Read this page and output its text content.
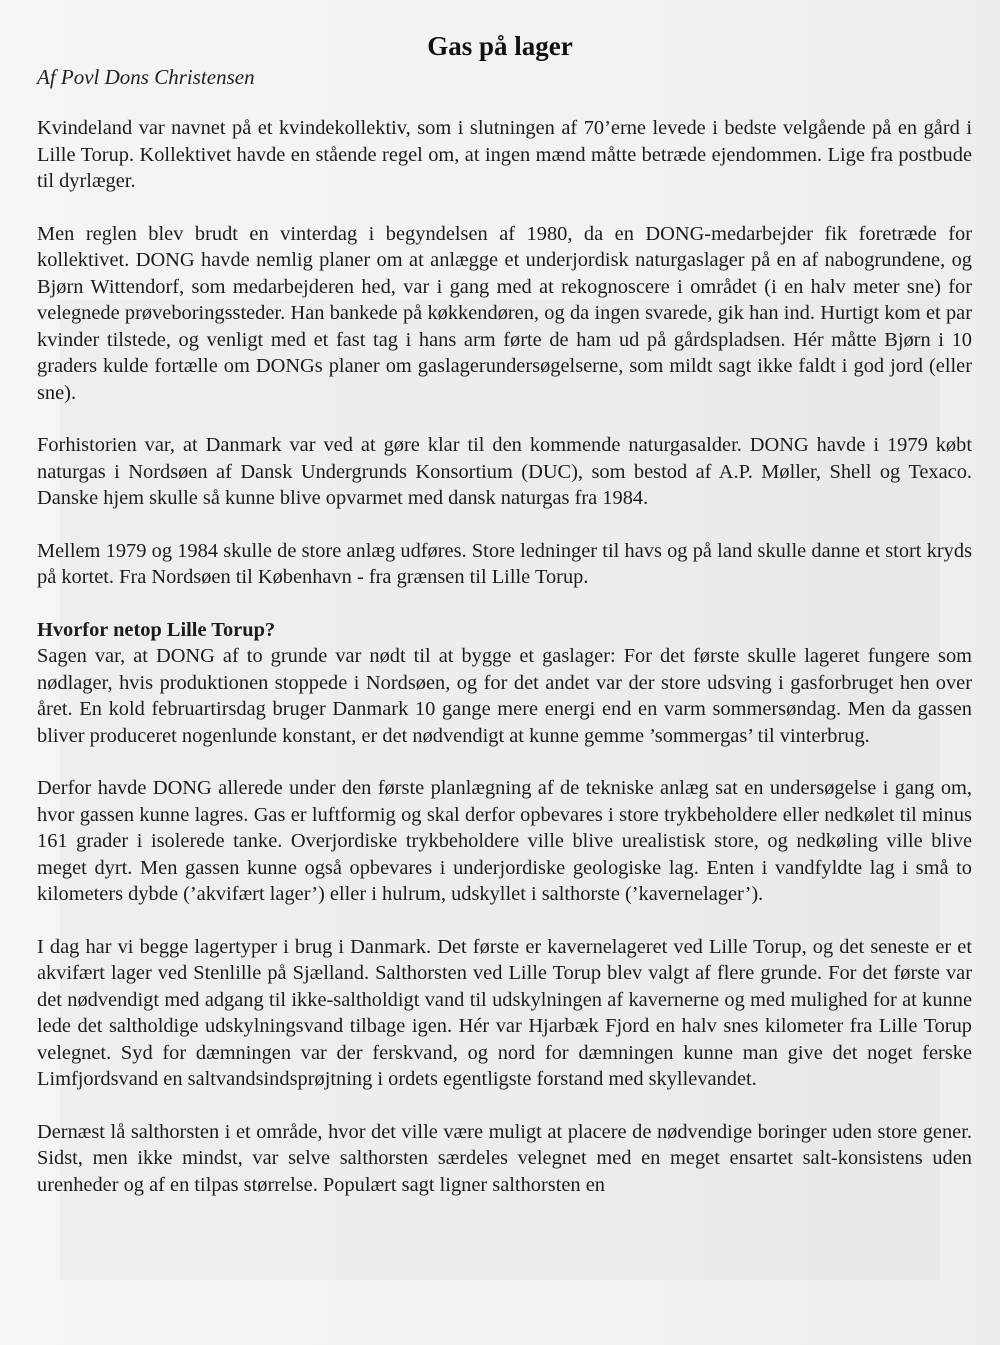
Gas på lager

Af Povl Dons Christensen

Kvindeland var navnet på et kvindekollektiv, som i slutningen af 70’erne levede i bedste velgående på en gård i Lille Torup. Kollektivet havde en stående regel om, at ingen mænd måtte betræde ejendommen. Lige fra postbude til dyrlæger.

Men reglen blev brudt en vinterdag i begyndelsen af 1980, da en DONG-medarbejder fik foretræde for kollektivet. DONG havde nemlig planer om at anlægge et underjordisk naturgaslager på en af nabogrundene, og Bjørn Wittendorf, som medarbejderen hed, var i gang med at rekognoscere i området (i en halv meter sne) for velegnede prøveboringssteder. Han bankede på køkkendøren, og da ingen svarede, gik han ind. Hurtigt kom et par kvinder tilstede, og venligt med et fast tag i hans arm førte de ham ud på gårdspladsen. Hér måtte Bjørn i 10 graders kulde fortælle om DONGs planer om gaslagerundersøgelserne, som mildt sagt ikke faldt i god jord (eller sne).

Forhistorien var, at Danmark var ved at gøre klar til den kommende naturgasalder. DONG havde i 1979 købt naturgas i Nordsøen af Dansk Undergrunds Konsortium (DUC), som bestod af A.P. Møller, Shell og Texaco. Danske hjem skulle så kunne blive opvarmet med dansk naturgas fra 1984.

Mellem 1979 og 1984 skulle de store anlæg udføres. Store ledninger til havs og på land skulle danne et stort kryds på kortet. Fra Nordsøen til København - fra grænsen til Lille Torup.

Hvorfor netop Lille Torup?

Sagen var, at DONG af to grunde var nødt til at bygge et gaslager: For det første skulle lageret fungere som nødlager, hvis produktionen stoppede i Nordsøen, og for det andet var der store udsving i gasforbruget hen over året. En kold februartirsdag bruger Danmark 10 gange mere energi end en varm sommersøndag. Men da gassen bliver produceret nogenlunde konstant, er det nødvendigt at kunne gemme ’sommergas’ til vinterbrug.

Derfor havde DONG allerede under den første planlægning af de tekniske anlæg sat en undersøgelse i gang om, hvor gassen kunne lagres. Gas er luftformig og skal derfor opbevares i store trykbeholdere eller nedkølet til minus 161 grader i isolerede tanke. Overjordiske trykbeholdere ville blive urealistisk store, og nedkøling ville blive meget dyrt. Men gassen kunne også opbevares i underjordiske geologiske lag. Enten i vandfyldte lag i små to kilometers dybde (’akvifært lager’) eller i hulrum, udskyllet i salthorste (’kavernelager’).

I dag har vi begge lagertyper i brug i Danmark. Det første er kavernelageret ved Lille Torup, og det seneste er et akvifært lager ved Stenlille på Sjælland. Salthorsten ved Lille Torup blev valgt af flere grunde. For det første var det nødvendigt med adgang til ikke-saltholdigt vand til udskylningen af kavernerne og med mulighed for at kunne lede det saltholdige udskylningsvand tilbage igen. Hér var Hjarbæk Fjord en halv snes kilometer fra Lille Torup velegnet. Syd for dæmningen var der ferskvand, og nord for dæmningen kunne man give det noget ferske Limfjordsvand en saltvandsindsprøjtning i ordets egentligste forstand med skyllevandet.

Dernæst lå salthorsten i et område, hvor det ville være muligt at placere de nødvendige boringer uden store gener. Sidst, men ikke mindst, var selve salthorsten særdeles velegnet med en meget ensartet salt-konsistens uden urenheder og af en tilpas størrelse. Populært sagt ligner salthorsten en
